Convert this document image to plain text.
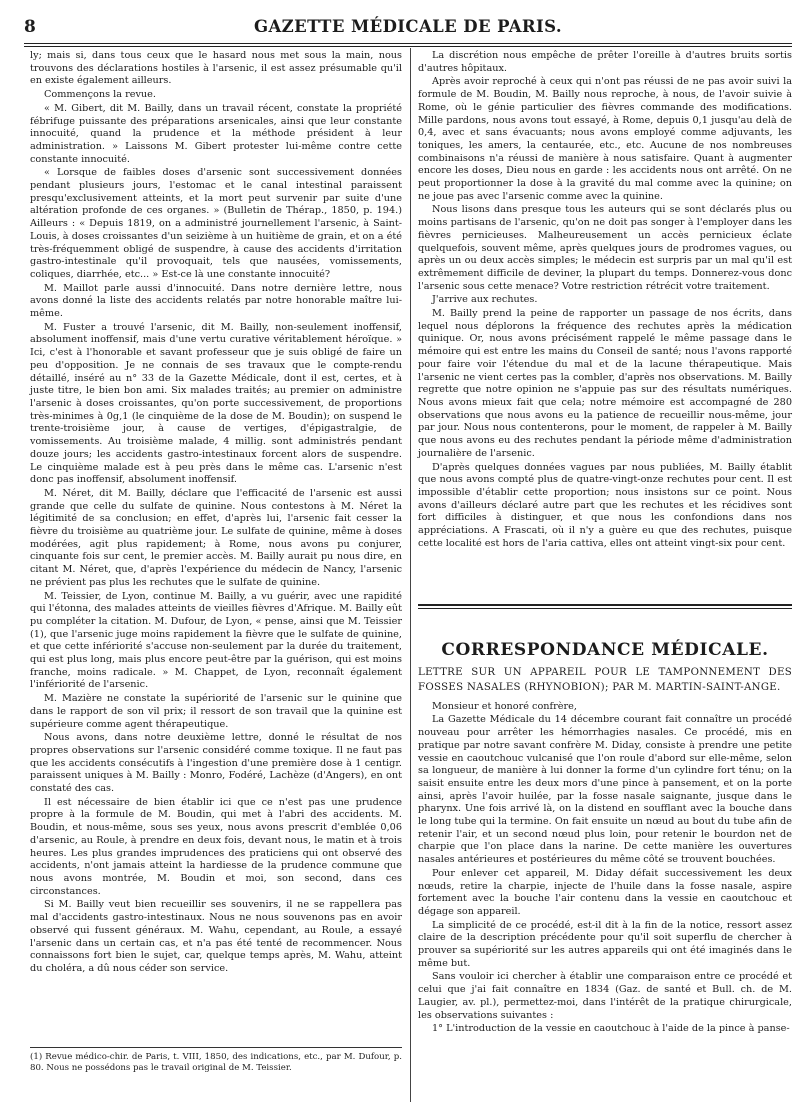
8	GAZETTE MÉDICALE DE PARIS.

ly; mais si, dans tous ceux que le hasard nous met sous la main, nous trouvons des déclarations hostiles à l'arsenic, il est assez présumable qu'il en existe également ailleurs.

Commençons la revue.

« M. Gibert, dit M. Bailly, dans un travail récent, constate la propriété fébrifuge puissante des préparations arsenicales, ainsi que leur constante innocuité, quand la prudence et la méthode président à leur administration. » Laissons M. Gibert protester lui-même contre cette constante innocuité.

« Lorsque de faibles doses d'arsenic sont successivement données pendant plusieurs jours, l'estomac et le canal intestinal paraissent presqu'exclusivement atteints, et la mort peut survenir par suite d'une altération profonde de ces organes. » (Bulletin de Thérap., 1850, p. 194.) Ailleurs : « Depuis 1819, on a administré journellement l'arsenic, à Saint-Louis, à doses croissantes d'un seizième à un huitième de grain, et on a été très-fréquemment obligé de suspendre, à cause des accidents d'irritation gastro-intestinale qu'il provoquait, tels que nausées, vomissements, coliques, diarrhée, etc... » Est-ce là une constante innocuité?

M. Maillot parle aussi d'innocuité. Dans notre dernière lettre, nous avons donné la liste des accidents relatés par notre honorable maître lui-même.

M. Fuster a trouvé l'arsenic, dit M. Bailly, non-seulement inoffensif, absolument inoffensif, mais d'une vertu curative véritablement héroïque. » Ici, c'est à l'honorable et savant professeur que je suis obligé de faire un peu d'opposition. Je ne connais de ses travaux que le compte-rendu détaillé, inséré au n° 33 de la Gazette Médicale, dont il est, certes, et à juste titre, le bien bon ami. Six malades traités; au premier on administre l'arsenic à doses croissantes, qu'on porte successivement, de proportions très-minimes à 0g,1 (le cinquième de la dose de M. Boudin); on suspend le trente-troisième jour, à cause de vertiges, d'épigastralgie, de vomissements. Au troisième malade, 4 millig. sont administrés pendant douze jours; les accidents gastro-intestinaux forcent alors de suspendre. Le cinquième malade est à peu près dans le même cas. L'arsenic n'est donc pas inoffensif, absolument inoffensif.

M. Néret, dit M. Bailly, déclare que l'efficacité de l'arsenic est aussi grande que celle du sulfate de quinine. Nous contestons à M. Néret la légitimité de sa conclusion; en effet, d'après lui, l'arsenic fait cesser la fièvre du troisième au quatrième jour. Le sulfate de quinine, même à doses modérées, agit plus rapidement; à Rome, nous avons pu conjurer, cinquante fois sur cent, le premier accès. M. Bailly aurait pu nous dire, en citant M. Néret, que, d'après l'expérience du médecin de Nancy, l'arsenic ne prévient pas plus les rechutes que le sulfate de quinine.

M. Teissier, de Lyon, continue M. Bailly, a vu guérir, avec une rapidité qui l'étonna, des malades atteints de vieilles fièvres d'Afrique. M. Bailly eût pu compléter la citation. M. Dufour, de Lyon, « pense, ainsi que M. Teissier (1), que l'arsenic juge moins rapidement la fièvre que le sulfate de quinine, et que cette infériorité s'accuse non-seulement par la durée du traitement, qui est plus long, mais plus encore peut-être par la guérison, qui est moins franche, moins radicale. » M. Chappet, de Lyon, reconnaît également l'infériorité de l'arsenic.

M. Mazière ne constate la supériorité de l'arsenic sur le quinine que dans le rapport de son vil prix; il ressort de son travail que la quinine est supérieure comme agent thérapeutique.

Nous avons, dans notre deuxième lettre, donné le résultat de nos propres observations sur l'arsenic considéré comme toxique. Il ne faut pas que les accidents consécutifs à l'ingestion d'une première dose à 1 centigr. paraissent uniques à M. Bailly : Monro, Fodéré, Lachèze (d'Angers), en ont constaté des cas.

Il est nécessaire de bien établir ici que ce n'est pas une prudence propre à la formule de M. Boudin, qui met à l'abri des accidents. M. Boudin, et nous-même, sous ses yeux, nous avons prescrit d'emblée 0,06 d'arsenic, au Roule, à prendre en deux fois, devant nous, le matin et à trois heures. Les plus grandes imprudences des praticiens qui ont observé des accidents, n'ont jamais atteint la hardiesse de la prudence commune que nous avons montrée, M. Boudin et moi, son second, dans ces circonstances.

Si M. Bailly veut bien recueillir ses souvenirs, il ne se rappellera pas mal d'accidents gastro-intestinaux. Nous ne nous souvenons pas en avoir observé qui fussent généraux. M. Wahu, cependant, au Roule, a essayé l'arsenic dans un certain cas, et n'a pas été tenté de recommencer. Nous connaissons fort bien le sujet, car, quelque temps après, M. Wahu, atteint du choléra, a dû nous céder son service.

(1) Revue médico-chir. de Paris, t. VIII, 1850, des indications, etc., par M. Dufour, p. 80. Nous ne possédons pas le travail original de M. Teissier.

La discrétion nous empêche de prêter l'oreille à d'autres bruits sortis d'autres hôpitaux.

Après avoir reproché à ceux qui n'ont pas réussi de ne pas avoir suivi la formule de M. Boudin, M. Bailly nous reproche, à nous, de l'avoir suivie à Rome, où le génie particulier des fièvres commande des modifications. Mille pardons, nous avons tout essayé, à Rome, depuis 0,1 jusqu'au delà de 0,4, avec et sans évacuants; nous avons employé comme adjuvants, les toniques, les amers, la centaurée, etc., etc. Aucune de nos nombreuses combinaisons n'a réussi de manière à nous satisfaire. Quant à augmenter encore les doses, Dieu nous en garde : les accidents nous ont arrêté. On ne peut proportionner la dose à la gravité du mal comme avec la quinine; on ne joue pas avec l'arsenic comme avec la quinine.

Nous lisons dans presque tous les auteurs qui se sont déclarés plus ou moins partisans de l'arsenic, qu'on ne doit pas songer à l'employer dans les fièvres pernicieuses. Malheureusement un accès pernicieux éclate quelquefois, souvent même, après quelques jours de prodromes vagues, ou après un ou deux accès simples; le médecin est surpris par un mal qu'il est extrêmement difficile de deviner, la plupart du temps. Donnerez-vous donc l'arsenic sous cette menace? Votre restriction rétrécit votre traitement.

J'arrive aux rechutes.

M. Bailly prend la peine de rapporter un passage de nos écrits, dans lequel nous déplorons la fréquence des rechutes après la médication quinique. Or, nous avons précisément rappelé le même passage dans le mémoire qui est entre les mains du Conseil de santé; nous l'avons rapporté pour faire voir l'étendue du mal et de la lacune thérapeutique. Mais l'arsenic ne vient certes pas la combler, d'après nos observations. M. Bailly regrette que notre opinion ne s'appuie pas sur des résultats numériques. Nous avons mieux fait que cela; notre mémoire est accompagné de 280 observations que nous avons eu la patience de recueillir nous-même, jour par jour. Nous nous contenterons, pour le moment, de rappeler à M. Bailly que nous avons eu des rechutes pendant la période même d'administration journalière de l'arsenic.

D'après quelques données vagues par nous publiées, M. Bailly établit que nous avons compté plus de quatre-vingt-onze rechutes pour cent. Il est impossible d'établir cette proportion; nous insistons sur ce point. Nous avons d'ailleurs déclaré autre part que les rechutes et les récidives sont fort difficiles à distinguer, et que nous les confondions dans nos appréciations. A Frascati, où il n'y a guère eu que des rechutes, puisque cette localité est hors de l'aria cattiva, elles ont atteint vingt-six pour cent.

CORRESPONDANCE MÉDICALE.
LETTRE SUR UN APPAREIL POUR LE TAMPONNEMENT DES FOSSES NASALES (RHYNOBION); PAR M. MARTIN-SAINT-ANGE.

Monsieur et honoré confrère,

La Gazette Médicale du 14 décembre courant fait connaître un procédé nouveau pour arrêter les hémorrhagies nasales. Ce procédé, mis en pratique par notre savant confrère M. Diday, consiste à prendre une petite vessie en caoutchouc vulcanisé que l'on roule d'abord sur elle-même, selon sa longueur, de manière à lui donner la forme d'un cylindre fort ténu; on la saisit ensuite entre les deux mors d'une pince à pansement, et on la porte ainsi, après l'avoir huilée, par la fosse nasale saignante, jusque dans le pharynx. Une fois arrivé là, on la distend en soufflant avec la bouche dans le long tube qui la termine. On fait ensuite un nœud au bout du tube afin de retenir l'air, et un second nœud plus loin, pour retenir le bourdon net de charpie que l'on place dans la narine. De cette manière les ouvertures nasales antérieures et postérieures du même côté se trouvent bouchées.

Pour enlever cet appareil, M. Diday défait successivement les deux nœuds, retire la charpie, injecte de l'huile dans la fosse nasale, aspire fortement avec la bouche l'air contenu dans la vessie en caoutchouc et dégage son appareil.

La simplicité de ce procédé, est-il dit à la fin de la notice, ressort assez claire de la description précédente pour qu'il soit superflu de chercher à prouver sa supériorité sur les autres appareils qui ont été imaginés dans le même but.

Sans vouloir ici chercher à établir une comparaison entre ce procédé et celui que j'ai fait connaître en 1834 (Gaz. de santé et Bull. ch. de M. Laugier, av. pl.), permettez-moi, dans l'intérêt de la pratique chirurgicale, les observations suivantes :

1° L'introduction de la vessie en caoutchouc à l'aide de la pince à panse-
